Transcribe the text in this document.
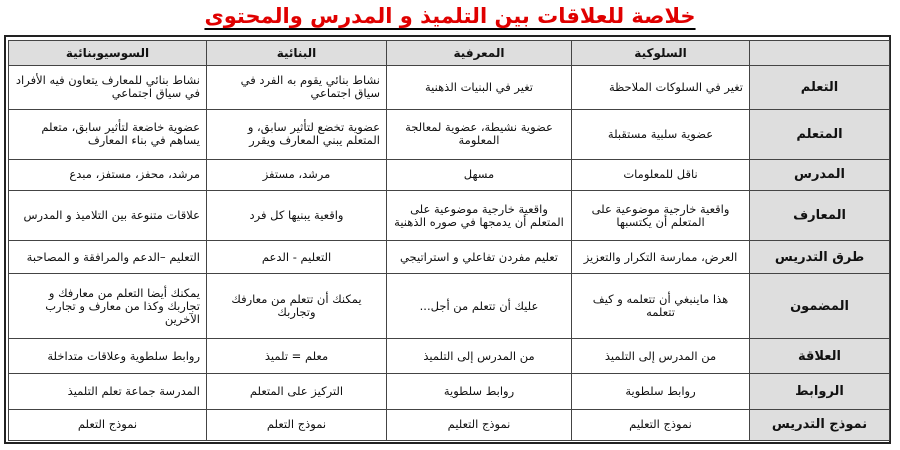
خلاصة للعلاقات بين التلميذ و المدرس والمحتوى
	السلوكية	المعرفية	البنائية	السوسيوبنائية
التعلم	تغير في السلوكات الملاحظة	تغير في البنيات الذهنية	نشاط بنائي يقوم به الفرد في سياق اجتماعي	نشاط بنائي للمعارف يتعاون فيه الأفراد في سياق اجتماعي
المتعلم	عضوية سلبية مستقبلة	عضوية نشيطة، عضوية لمعالجة المعلومة	عضوية تخضع لتأثير سابق، و المتعلم يبني المعارف ويقرر	عضوية خاضعة لتأثير سابق، متعلم يساهم في بناء المعارف
المدرس	ناقل للمعلومات	مسهل	مرشد، مستفز	مرشد، محفز، مستفز، مبدع
المعارف	واقعية خارجية موضوعية على المتعلم أن يكتسبها	واقعية خارجية موضوعية على المتعلم أن يدمجها في صوره الذهنية	واقعية يبنيها كل فرد	علاقات متنوعة بين التلاميذ و المدرس
طرق التدريس	العرض، ممارسة التكرار والتعزيز	تعليم مفردن تفاعلي و استراتيجي	التعليم - الدعم	التعليم –الدعم والمرافقة و المصاحبة
المضمون	هذا ماينبغي أن تتعلمه و كيف تتعلمه	عليك أن تتعلم من أجل...	يمكنك أن تتعلم من معارفك وتجاربك	يمكنك أيضا التعلم من معارفك و تجاربك وكذا من معارف و تجارب الآخرين
العلاقة	من المدرس إلى التلميذ	من المدرس إلى التلميذ	معلم = تلميذ	روابط سلطوية وعلاقات متداخلة
الروابط	روابط سلطوية	روابط سلطوية	التركيز على المتعلم	المدرسة جماعة تعلم التلميذ
نموذج التدريس	نموذج التعليم	نموذج التعليم	نموذج التعلم	نموذج التعلم
